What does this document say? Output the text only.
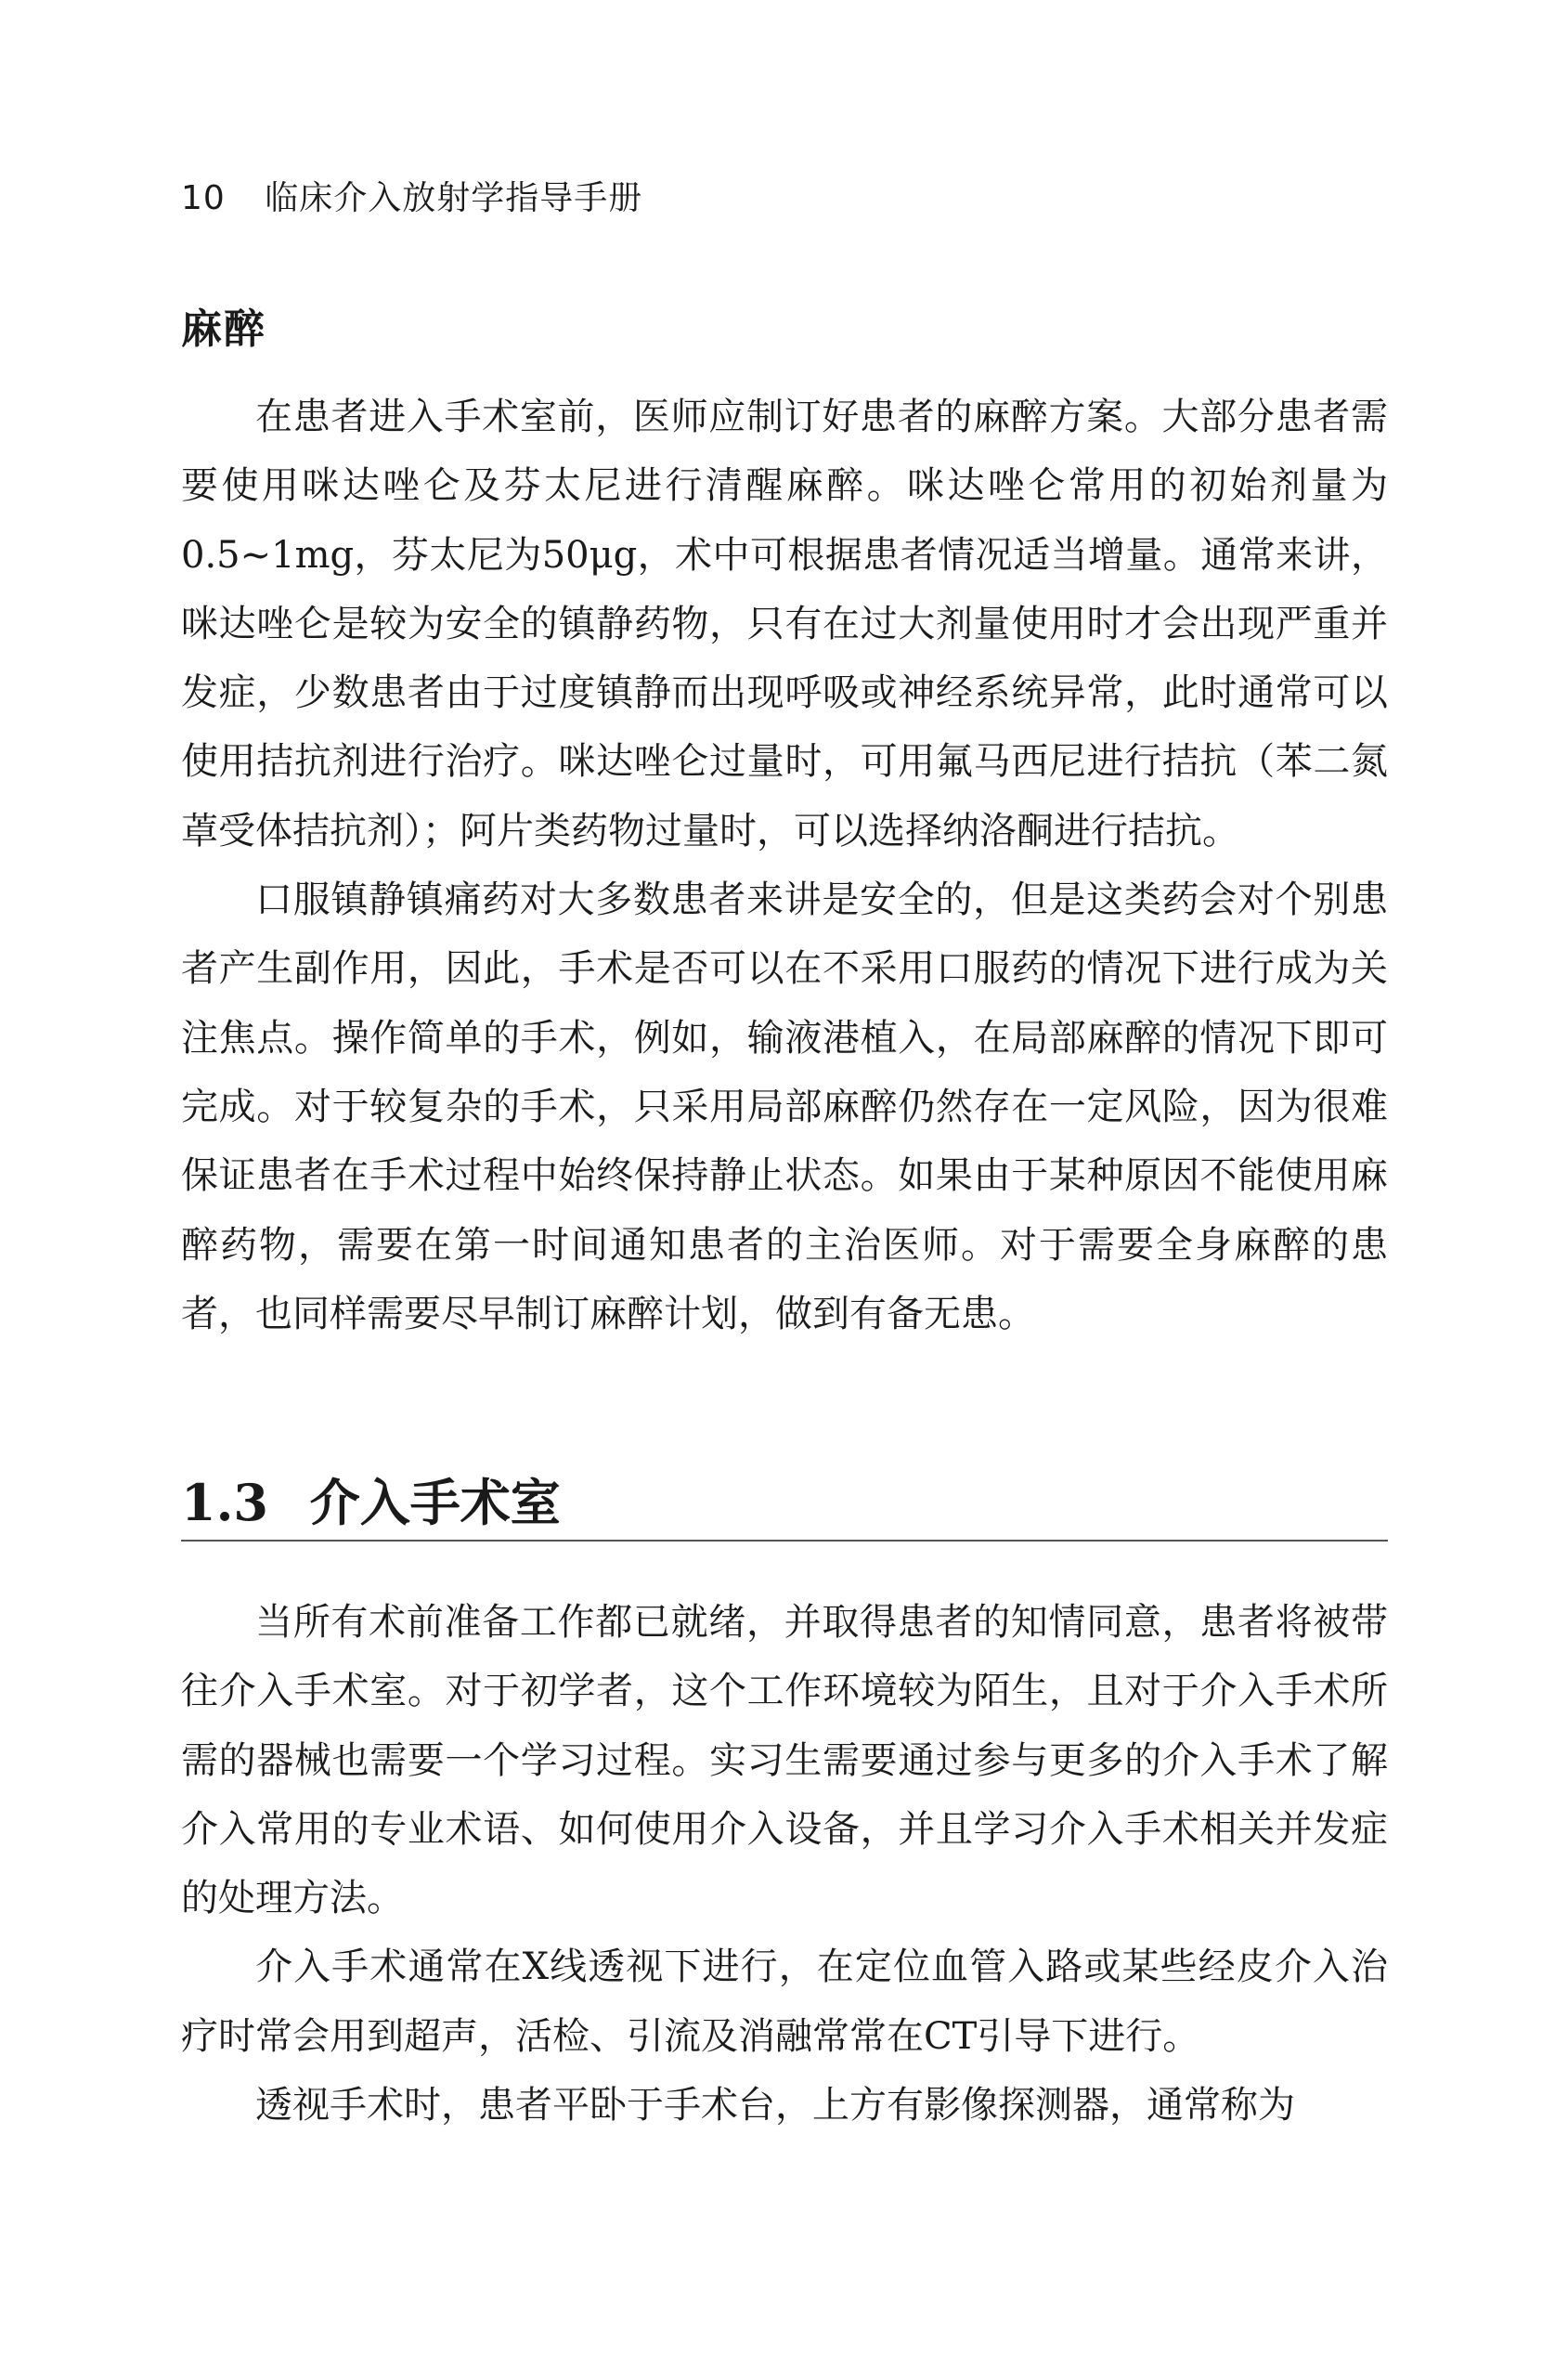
10 临床介入放射学指导手册
麻醉

在患者进入手术室前，医师应制订好患者的麻醉方案。大部分患者需要使用咪达唑仑及芬太尼进行清醒麻醉。咪达唑仑常用的初始剂量为0.5~1mg，芬太尼为50μg，术中可根据患者情况适当增量。通常来讲，咪达唑仑是较为安全的镇静药物，只有在过大剂量使用时才会出现严重并发症，少数患者由于过度镇静而出现呼吸或神经系统异常，此时通常可以使用拮抗剂进行治疗。咪达唑仑过量时，可用氟马西尼进行拮抗（苯二氮䓬受体拮抗剂）；阿片类药物过量时，可以选择纳洛酮进行拮抗。

口服镇静镇痛药对大多数患者来讲是安全的，但是这类药会对个别患者产生副作用，因此，手术是否可以在不采用口服药的情况下进行成为关注焦点。操作简单的手术，例如，输液港植入，在局部麻醉的情况下即可完成。对于较复杂的手术，只采用局部麻醉仍然存在一定风险，因为很难保证患者在手术过程中始终保持静止状态。如果由于某种原因不能使用麻醉药物，需要在第一时间通知患者的主治医师。对于需要全身麻醉的患者，也同样需要尽早制订麻醉计划，做到有备无患。

1.3 介入手术室

当所有术前准备工作都已就绪，并取得患者的知情同意，患者将被带往介入手术室。对于初学者，这个工作环境较为陌生，且对于介入手术所需的器械也需要一个学习过程。实习生需要通过参与更多的介入手术了解介入常用的专业术语、如何使用介入设备，并且学习介入手术相关并发症的处理方法。

介入手术通常在X线透视下进行，在定位血管入路或某些经皮介入治疗时常会用到超声，活检、引流及消融常常在CT引导下进行。

透视手术时，患者平卧于手术台，上方有影像探测器，通常称为
